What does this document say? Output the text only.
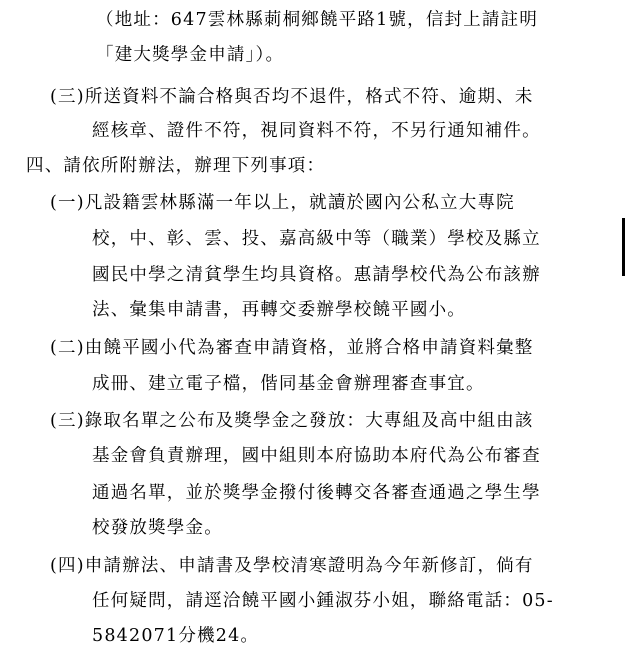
（地址：647雲林縣莿桐鄉饒平路1號，信封上請註明
「建大獎學金申請」）。
(三)所送資料不論合格與否均不退件，格式不符、逾期、未
經核章、證件不符，視同資料不符，不另行通知補件。
四、請依所附辦法，辦理下列事項：
(一)凡設籍雲林縣滿一年以上，就讀於國內公私立大專院
校，中、彰、雲、投、嘉高級中等（職業）學校及縣立
國民中學之清貧學生均具資格。惠請學校代為公布該辦
法、彙集申請書，再轉交委辦學校饒平國小。
(二)由饒平國小代為審查申請資格，並將合格申請資料彙整
成冊、建立電子檔，偕同基金會辦理審查事宜。
(三)錄取名單之公布及獎學金之發放：大專組及高中組由該
基金會負責辦理，國中組則本府協助本府代為公布審查
通過名單，並於獎學金撥付後轉交各審查通過之學生學
校發放獎學金。
(四)申請辦法、申請書及學校清寒證明為今年新修訂，倘有
任何疑問，請逕洽饒平國小鍾淑芬小姐，聯絡電話：05-
5842071分機24。
